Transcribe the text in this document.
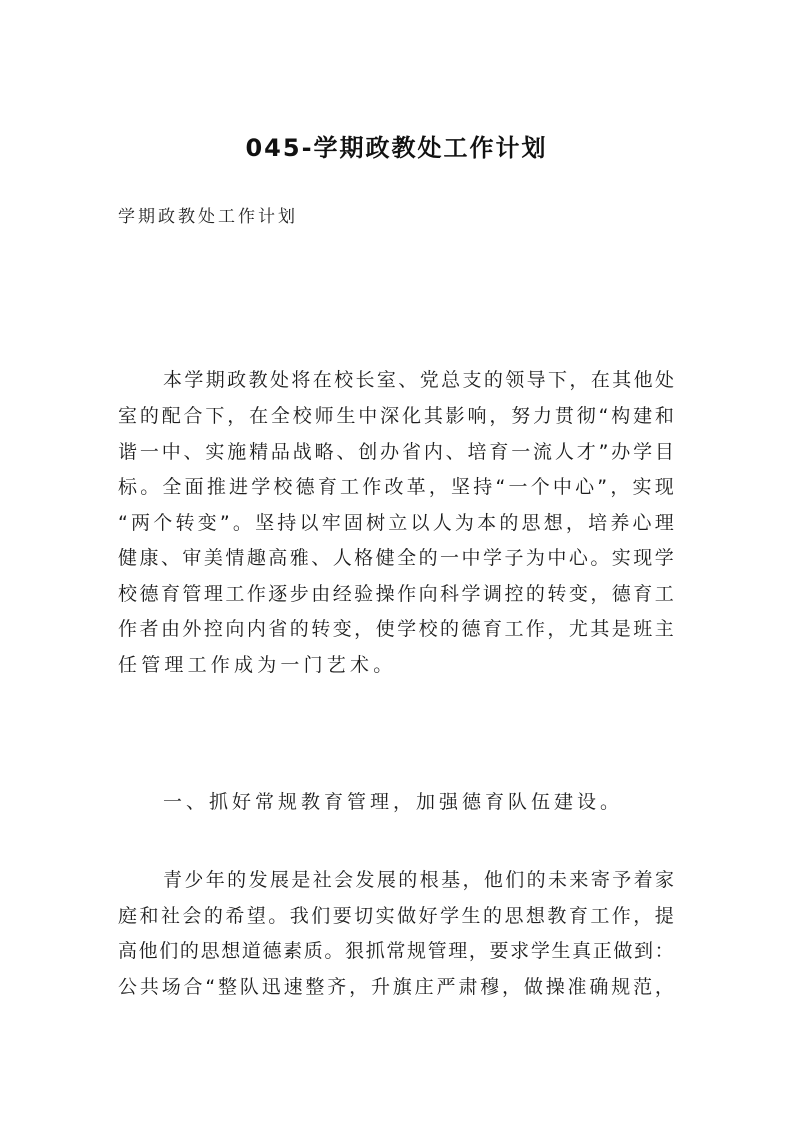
045-学期政教处工作计划
学期政教处工作计划
本 学 期 政 教 处 将 在 校 长 室 、 党 总 支 的 领 导 下 ， 在 其 他 处
室 的 配 合 下 ， 在 全 校 师 生 中 深 化 其 影 响 ， 努 力 贯 彻 “ 构 建 和
谐 一 中 、 实 施 精 品 战 略 、 创 办 省 内 、 培 育 一 流 人 才 ” 办 学 目
标 。 全 面 推 进 学 校 德 育 工 作 改 革 ， 坚 持 “ 一 个 中 心 ” ， 实 现
“ 两 个 转 变 ” 。 坚 持 以 牢 固 树 立 以 人 为 本 的 思 想 ， 培 养 心 理
健 康 、 审 美 情 趣 高 雅 、 人 格 健 全 的 一 中 学 子 为 中 心 。 实 现 学
校 德 育 管 理 工 作 逐 步 由 经 验 操 作 向 科 学 调 控 的 转 变 ， 德 育 工
作 者 由 外 控 向 内 省 的 转 变 ， 使 学 校 的 德 育 工 作 ， 尤 其 是 班 主
任管理工作成为一门艺术。
一、抓好常规教育管理，加强德育队伍建设。
青 少 年 的 发 展 是 社 会 发 展 的 根 基 ， 他 们 的 未 来 寄 予 着 家
庭 和 社 会 的 希 望 。 我 们 要 切 实 做 好 学 生 的 思 想 教 育 工 作 ， 提
高 他 们 的 思 想 道 德 素 质 。 狠 抓 常 规 管 理 ， 要 求 学 生 真 正 做 到 ：
公 共 场 合 “ 整 队 迅 速 整 齐 ， 升 旗 庄 严 肃 穆 ， 做 操 准 确 规 范 ，
